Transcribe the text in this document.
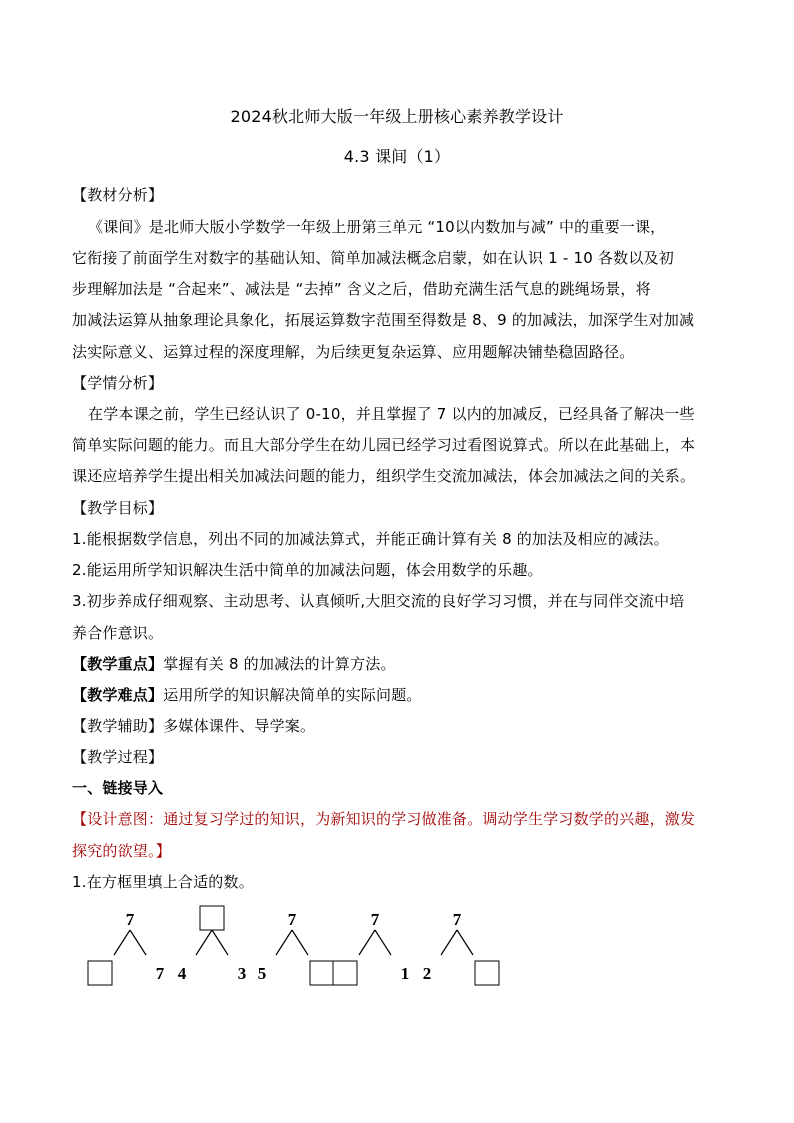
2024秋北师大版一年级上册核心素养教学设计
4.3 课间（1）
【教材分析】
《课间》是北师大版小学数学一年级上册第三单元 “10以内数加与减” 中的重要一课，
它衔接了前面学生对数字的基础认知、简单加减法概念启蒙，如在认识 1 - 10 各数以及初
步理解加法是 “合起来”、减法是 “去掉” 含义之后，借助充满生活气息的跳绳场景，将
加减法运算从抽象理论具象化，拓展运算数字范围至得数是 8、9 的加减法，加深学生对加减
法实际意义、运算过程的深度理解，为后续更复杂运算、应用题解决铺垫稳固路径。
【学情分析】
在学本课之前，学生已经认识了 0-10，并且掌握了 7 以内的加减反，已经具备了解决一些
简单实际问题的能力。而且大部分学生在幼儿园已经学习过看图说算式。所以在此基础上，本
课还应培养学生提出相关加减法问题的能力，组织学生交流加减法，体会加减法之间的关系。
【教学目标】
1.能根据数学信息，列出不同的加减法算式，并能正确计算有关 8 的加法及相应的减法。
2.能运用所学知识解决生活中简单的加减法问题，体会用数学的乐趣。
3.初步养成仔细观察、主动思考、认真倾听,大胆交流的良好学习习惯，并在与同伴交流中培
养合作意识。
【教学重点】掌握有关 8 的加减法的计算方法。
【教学难点】运用所学的知识解决简单的实际问题。
【教学辅助】多媒体课件、导学案。
【教学过程】
一、链接导入
【设计意图：通过复习学过的知识，为新知识的学习做准备。调动学生学习数学的兴趣，激发
探究的欲望。】
1.在方框里填上合适的数。
7
7 4	3
7
5
7
1
7
2
